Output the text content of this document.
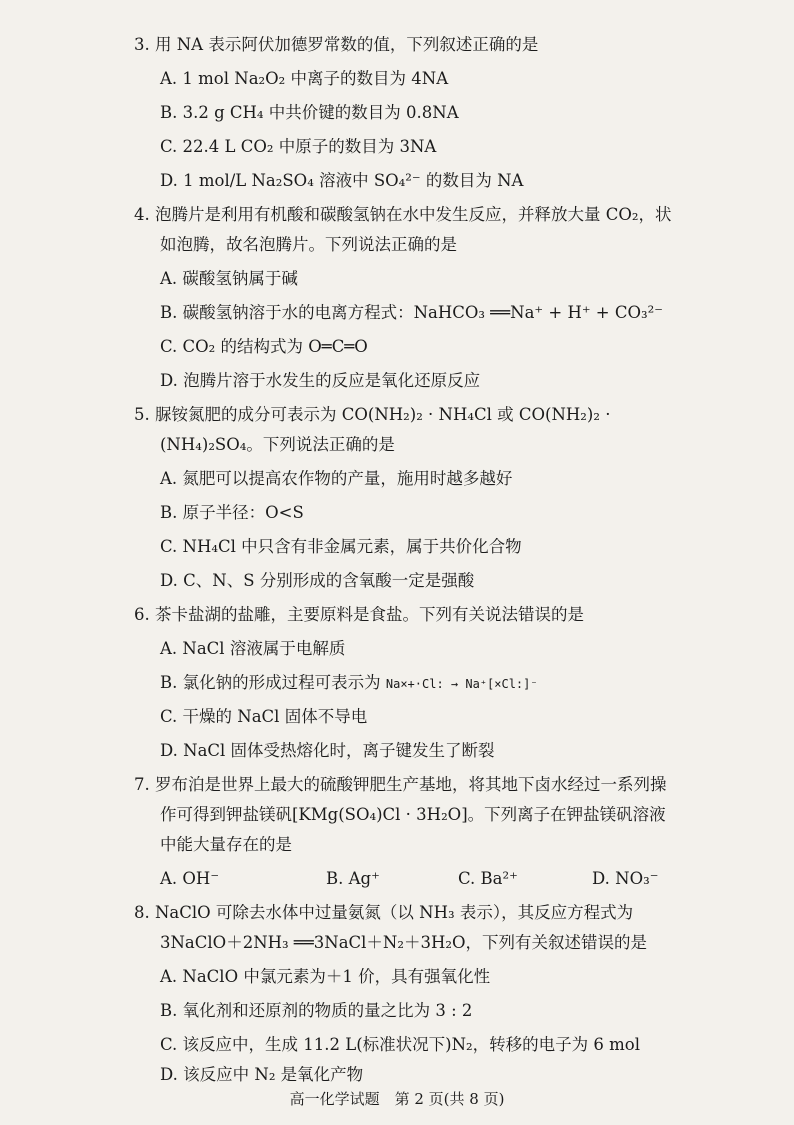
3. 用 NA 表示阿伏加德罗常数的值，下列叙述正确的是
A. 1 mol Na₂O₂ 中离子的数目为 4NA
B. 3.2 g CH₄ 中共价键的数目为 0.8NA
C. 22.4 L CO₂ 中原子的数目为 3NA
D. 1 mol/L Na₂SO₄ 溶液中 SO₄²⁻ 的数目为 NA
4. 泡腾片是利用有机酸和碳酸氢钠在水中发生反应，并释放大量 CO₂，状
如泡腾，故名泡腾片。下列说法正确的是
A. 碳酸氢钠属于碱
B. 碳酸氢钠溶于水的电离方程式：NaHCO₃ ══Na⁺ + H⁺ + CO₃²⁻
C. CO₂ 的结构式为 O═C═O
D. 泡腾片溶于水发生的反应是氧化还原反应
5. 脲铵氮肥的成分可表示为 CO(NH₂)₂ · NH₄Cl 或 CO(NH₂)₂ ·
(NH₄)₂SO₄。下列说法正确的是
A. 氮肥可以提高农作物的产量，施用时越多越好
B. 原子半径：O<S
C. NH₄Cl 中只含有非金属元素，属于共价化合物
D. C、N、S 分别形成的含氧酸一定是强酸
6. 茶卡盐湖的盐雕，主要原料是食盐。下列有关说法错误的是
A. NaCl 溶液属于电解质
B. 氯化钠的形成过程可表示为 Na×+·Cl: → Na⁺[×Cl:]⁻
C. 干燥的 NaCl 固体不导电
D. NaCl 固体受热熔化时，离子键发生了断裂
7. 罗布泊是世界上最大的硫酸钾肥生产基地，将其地下卤水经过一系列操
作可得到钾盐镁矾[KMg(SO₄)Cl · 3H₂O]。下列离子在钾盐镁矾溶液
中能大量存在的是
A. OH⁻	B. Ag⁺	C. Ba²⁺	D. NO₃⁻
8. NaClO 可除去水体中过量氨氮（以 NH₃ 表示），其反应方程式为
3NaClO＋2NH₃ ══3NaCl＋N₂＋3H₂O，下列有关叙述错误的是
A. NaClO 中氯元素为＋1 价，具有强氧化性
B. 氧化剂和还原剂的物质的量之比为 3 : 2
C. 该反应中，生成 11.2 L(标准状况下)N₂，转移的电子为 6 mol
D. 该反应中 N₂ 是氧化产物
高一化学试题　第 2 页(共 8 页)
